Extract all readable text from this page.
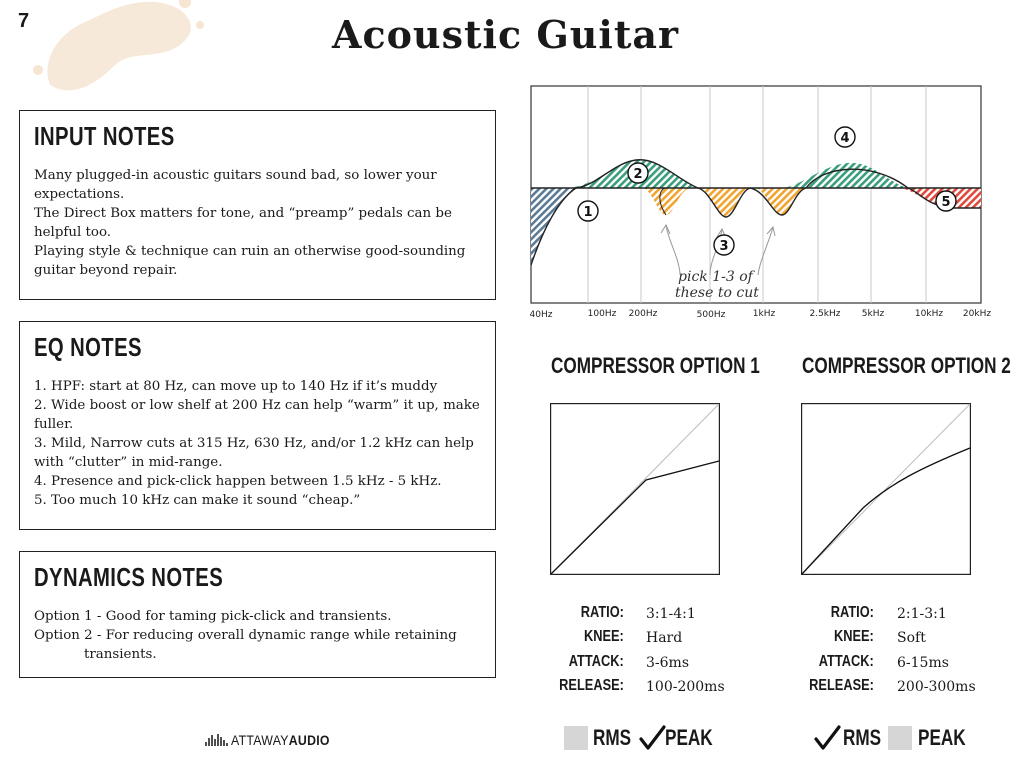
7	Acoustic Guitar
INPUT NOTES

Many plugged-in acoustic guitars sound bad, so lower your expectations.

The Direct Box matters for tone, and “preamp” pedals can be helpful too.

Playing style & technique can ruin an otherwise good-sounding guitar beyond repair.

EQ NOTES

1. HPF: start at 80 Hz, can move up to 140 Hz if it’s muddy

2. Wide boost or low shelf at 200 Hz can help “warm” it up, make fuller.

3. Mild, Narrow cuts at 315 Hz, 630 Hz, and/or 1.2 kHz can help with “clutter” in mid-range.

4. Presence and pick-click happen between 1.5 kHz - 5 kHz.

5. Too much 10 kHz can make it sound “cheap.”

DYNAMICS NOTES

Option 1 - Good for taming pick-click and transients.

Option 2 - For reducing overall dynamic range while retaining transients.

1
2
3
4
5
pick 1-3 of
these to cut
40Hz	100Hz 200Hz	500Hz	1kHz	2.5kHz 5kHz	10kHz 20kHz
COMPRESSOR OPTION 1 COMPRESSOR OPTION 2
RATIO: 3:1-4:1
KNEE: Hard
ATTACK: 3-6ms
RELEASE: 100-200ms
RATIO: 2:1-3:1
KNEE: Soft
ATTACK: 6-15ms
RELEASE: 200-300ms
RMS PEAK	RMS PEAK
ATTAWAYAUDIO
